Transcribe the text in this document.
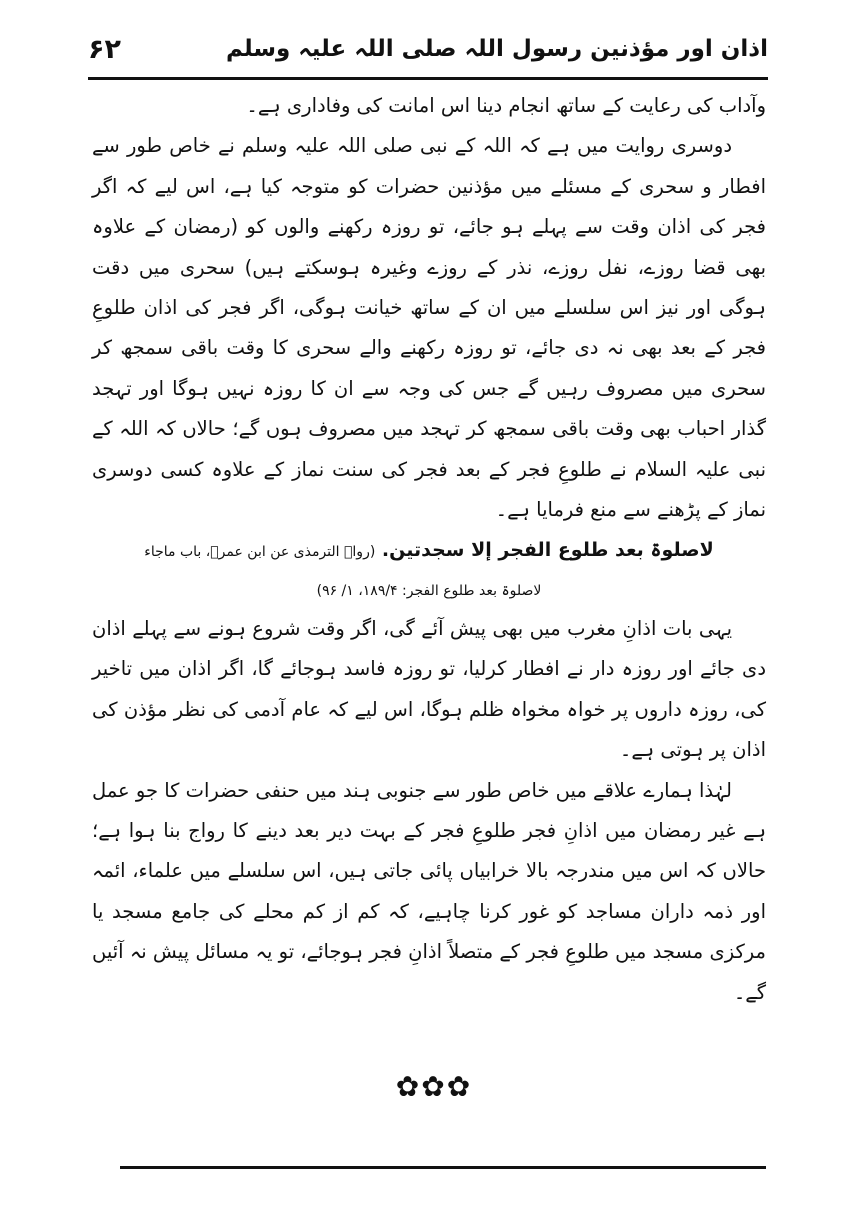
۶۲	اذان اور مؤذنین رسول اللہ صلی اللہ علیہ وسلم

وآداب کی رعایت کے ساتھ انجام دینا اس امانت کی وفاداری ہے۔

دوسری روایت میں ہے کہ اللہ کے نبی صلی اللہ علیہ وسلم نے خاص طور سے افطار و سحری کے مسئلے میں مؤذنین حضرات کو متوجہ کیا ہے، اس لیے کہ اگر فجر کی اذان وقت سے پہلے ہو جائے، تو روزہ رکھنے والوں کو (رمضان کے علاوہ بھی قضا روزے، نفل روزے، نذر کے روزے وغیرہ ہوسکتے ہیں) سحری میں دقت ہوگی اور نیز اس سلسلے میں ان کے ساتھ خیانت ہوگی، اگر فجر کی اذان طلوعِ فجر کے بعد بھی نہ دی جائے، تو روزہ رکھنے والے سحری کا وقت باقی سمجھ کر سحری میں مصروف رہیں گے جس کی وجہ سے ان کا روزہ نہیں ہوگا اور تہجد گذار احباب بھی وقت باقی سمجھ کر تہجد میں مصروف ہوں گے؛ حالاں کہ اللہ کے نبی علیہ السلام نے طلوعِ فجر کے بعد فجر کی سنت نماز کے علاوہ کسی دوسری نماز کے پڑھنے سے منع فرمایا ہے۔

لاصلوۃ بعد طلوع الفجر إلا سجدتین. (رواہ الترمذی عن ابن عمرؓ، باب ماجاء

لاصلوۃ بعد طلوع الفجر: ۱۸۹/۴، ۱/ ۹۶)

یہی بات اذانِ مغرب میں بھی پیش آئے گی، اگر وقت شروع ہونے سے پہلے اذان دی جائے اور روزہ دار نے افطار کرلیا، تو روزہ فاسد ہوجائے گا، اگر اذان میں تاخیر کی، روزہ داروں پر خواہ مخواہ ظلم ہوگا، اس لیے کہ عام آدمی کی نظر مؤذن کی اذان پر ہوتی ہے۔

لہٰذا ہمارے علاقے میں خاص طور سے جنوبی ہند میں حنفی حضرات کا جو عمل ہے غیر رمضان میں اذانِ فجر طلوعِ فجر کے بہت دیر بعد دینے کا رواج بنا ہوا ہے؛ حالاں کہ اس میں مندرجہ بالا خرابیاں پائی جاتی ہیں، اس سلسلے میں علماء، ائمہ اور ذمہ داران مساجد کو غور کرنا چاہیے، کہ کم از کم محلے کی جامع مسجد یا مرکزی مسجد میں طلوعِ فجر کے متصلاً اذانِ فجر ہوجائے، تو یہ مسائل پیش نہ آئیں گے۔

✿✿✿
